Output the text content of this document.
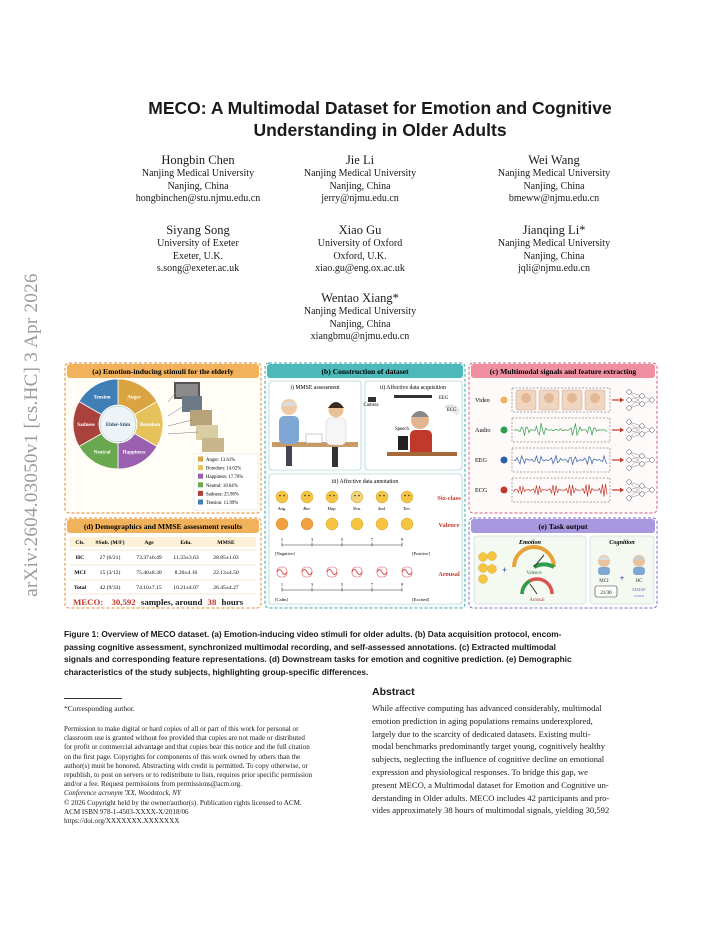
arXiv:2604.03050v1 [cs.HC] 3 Apr 2026
MECO: A Multimodal Dataset for Emotion and Cognitive
Understanding in Older Adults
Hongbin Chen
Nanjing Medical University
Nanjing, China
hongbinchen@stu.njmu.edu.cn
Jie Li
Nanjing Medical University
Nanjing, China
jerry@njmu.edu.cn
Wei Wang
Nanjing Medical University
Nanjing, China
bmeww@njmu.edu.cn
Siyang Song
University of Exeter
Exeter, U.K.
s.song@exeter.ac.uk
Xiao Gu
University of Oxford
Oxford, U.K.
xiao.gu@eng.ox.ac.uk
Jianqing Li*
Nanjing Medical University
Nanjing, China
jqli@njmu.edu.cn
Wentao Xiang*
Nanjing Medical University
Nanjing, China
xiangbmu@njmu.edu.cn
(a) Emotion-inducing stimuli for the elderly
Anger
Boredom
Happiness
Neutral
Sadness
Tension
Elder-Stim
Anger: 13.61%
Boredom: 14.02%
Happiness: 17.76%
Neutral: 18.64%
Sadness: 25.98%
Tension: 11.99%
(d) Demographics and MMSE assessment results
Cls. #Sub. (M/F)	Age	Edu.	MMSE
HC	27 (6/21)	73.37±6.49 11.33±3.63	28.85±1.03
MCI 15 (3/12)	75.40±8.30 8.20±4.16	22.13±4.50
Total 42 (9/33)	74.10±7.15 10.21±4.07	26.45±4.27
MECO: 30,592 samples, around 38 hours
(b) Construction of dataset
i) MMSE assessment	ii) Affective data acquisition
Camera
EEG
ECG
Speech
iii) Affective data annotation
Ang.	Bor.	Hap.	Neu.	Sad.	Ten.
1	3	5	7	9
1	3	5	7	9
Six-class
Valence
Arousal
[Negative]	[Positive]
[Calm]	[Excited]
(c) Multimodal signals and feature extracting
Video
Audio
EEG
ECG
(e) Task output
Emotion	Cognition
+	Valence
Arousal
MCI + HC
21/30
MMSE
score
Figure 1: Overview of MECO dataset. (a) Emotion-inducing video stimuli for older adults. (b) Data acquisition protocol, encom-
passing cognitive assessment, synchronized multimodal recording, and self-assessed annotations. (c) Extracted multimodal
signals and corresponding feature representations. (d) Downstream tasks for emotion and cognitive prediction. (e) Demographic
characteristics of the study subjects, highlighting group-specific differences.
*Corresponding author.
Permission to make digital or hard copies of all or part of this work for personal or
classroom use is granted without fee provided that copies are not made or distributed
for profit or commercial advantage and that copies bear this notice and the full citation
on the first page. Copyrights for components of this work owned by others than the
author(s) must be honored. Abstracting with credit is permitted. To copy otherwise, or
republish, to post on servers or to redistribute to lists, requires prior specific permission
and/or a fee. Request permissions from permissions@acm.org.
Conference acronym 'XX, Woodstock, NY
© 2026 Copyright held by the owner/author(s). Publication rights licensed to ACM.
ACM ISBN 978-1-4503-XXXX-X/2018/06
https://doi.org/XXXXXXX.XXXXXXX
Abstract
While affective computing has advanced considerably, multimodal
emotion prediction in aging populations remains underexplored,
largely due to the scarcity of dedicated datasets. Existing multi-
modal benchmarks predominantly target young, cognitively healthy
subjects, neglecting the influence of cognitive decline on emotional
expression and physiological responses. To bridge this gap, we
present MECO, a Multimodal dataset for Emotion and Cognitive un-
derstanding in Older adults. MECO includes 42 participants and pro-
vides approximately 38 hours of multimodal signals, yielding 30,592
